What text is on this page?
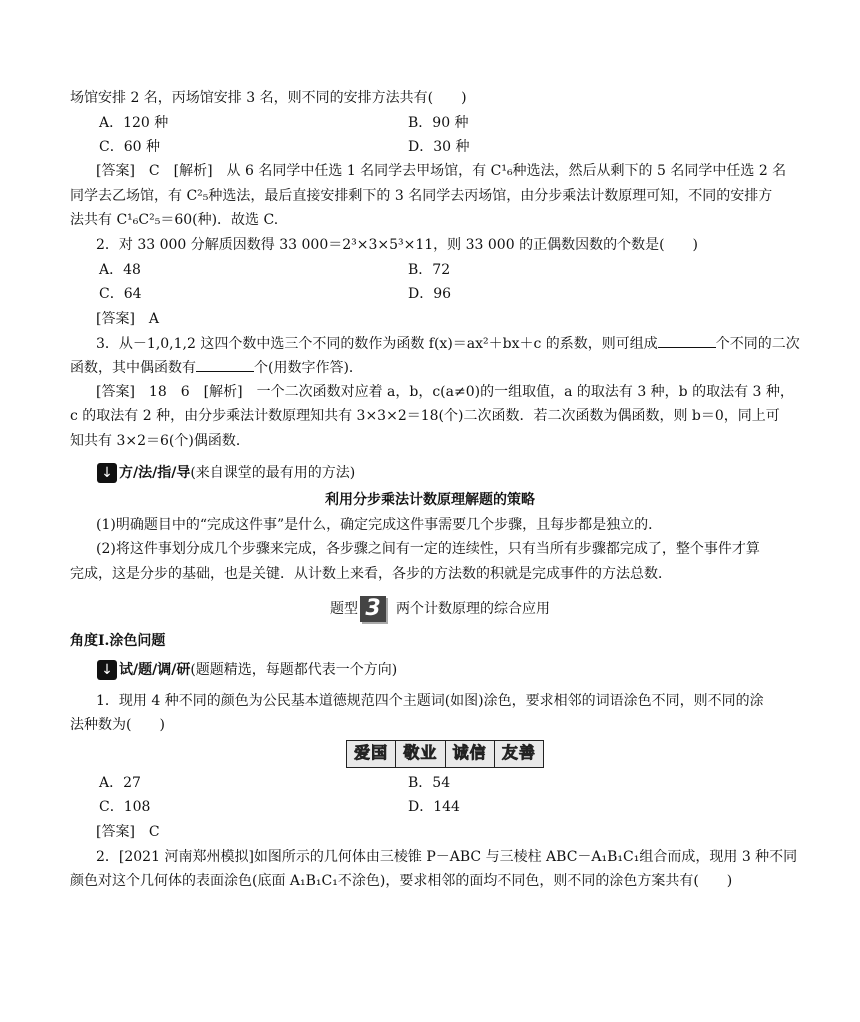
场馆安排 2 名，丙场馆安排 3 名，则不同的安排方法共有(　　)
A．120 种	B．90 种
C．60 种	D．30 种
[答案]　C　[解析]　从 6 名同学中任选 1 名同学去甲场馆，有 C¹₆种选法，然后从剩下的 5 名同学中任选 2 名
同学去乙场馆，有 C²₅种选法，最后直接安排剩下的 3 名同学去丙场馆，由分步乘法计数原理可知，不同的安排方
法共有 C¹₆C²₅＝60(种)．故选 C.
2．对 33 000 分解质因数得 33 000＝2³×3×5³×11，则 33 000 的正偶数因数的个数是(　　)
A．48	B．72
C．64	D．96
[答案]　A
3．从－1,0,1,2 这四个数中选三个不同的数作为函数 f(x)＝ax²＋bx＋c 的系数，则可组成	个不同的二次
函数，其中偶函数有	个(用数字作答)．
[答案]　18　6　[解析]　一个二次函数对应着 a，b，c(a≠0)的一组取值，a 的取法有 3 种，b 的取法有 3 种，
c 的取法有 2 种，由分步乘法计数原理知共有 3×3×2＝18(个)二次函数．若二次函数为偶函数，则 b＝0，同上可
知共有 3×2＝6(个)偶函数．
↓ 方/法/指/导(来自课堂的最有用的方法)
利用分步乘法计数原理解题的策略
(1)明确题目中的“完成这件事”是什么，确定完成这件事需要几个步骤，且每步都是独立的．
(2)将这件事划分成几个步骤来完成，各步骤之间有一定的连续性，只有当所有步骤都完成了，整个事件才算
完成，这是分步的基础，也是关键．从计数上来看，各步的方法数的积就是完成事件的方法总数．
题型 3 两个计数原理的综合应用
角度Ⅰ.涂色问题
↓ 试/题/调/研(题题精选，每题都代表一个方向)
1．现用 4 种不同的颜色为公民基本道德规范四个主题词(如图)涂色，要求相邻的词语涂色不同，则不同的涂
法种数为(　　)
爱国 敬业 诚信 友善
A．27	B．54
C．108	D．144
[答案]　C
2．[2021 河南郑州模拟]如图所示的几何体由三棱锥 P－ABC 与三棱柱 ABC－A₁B₁C₁组合而成，现用 3 种不同
颜色对这个几何体的表面涂色(底面 A₁B₁C₁不涂色)，要求相邻的面均不同色，则不同的涂色方案共有(　　)
